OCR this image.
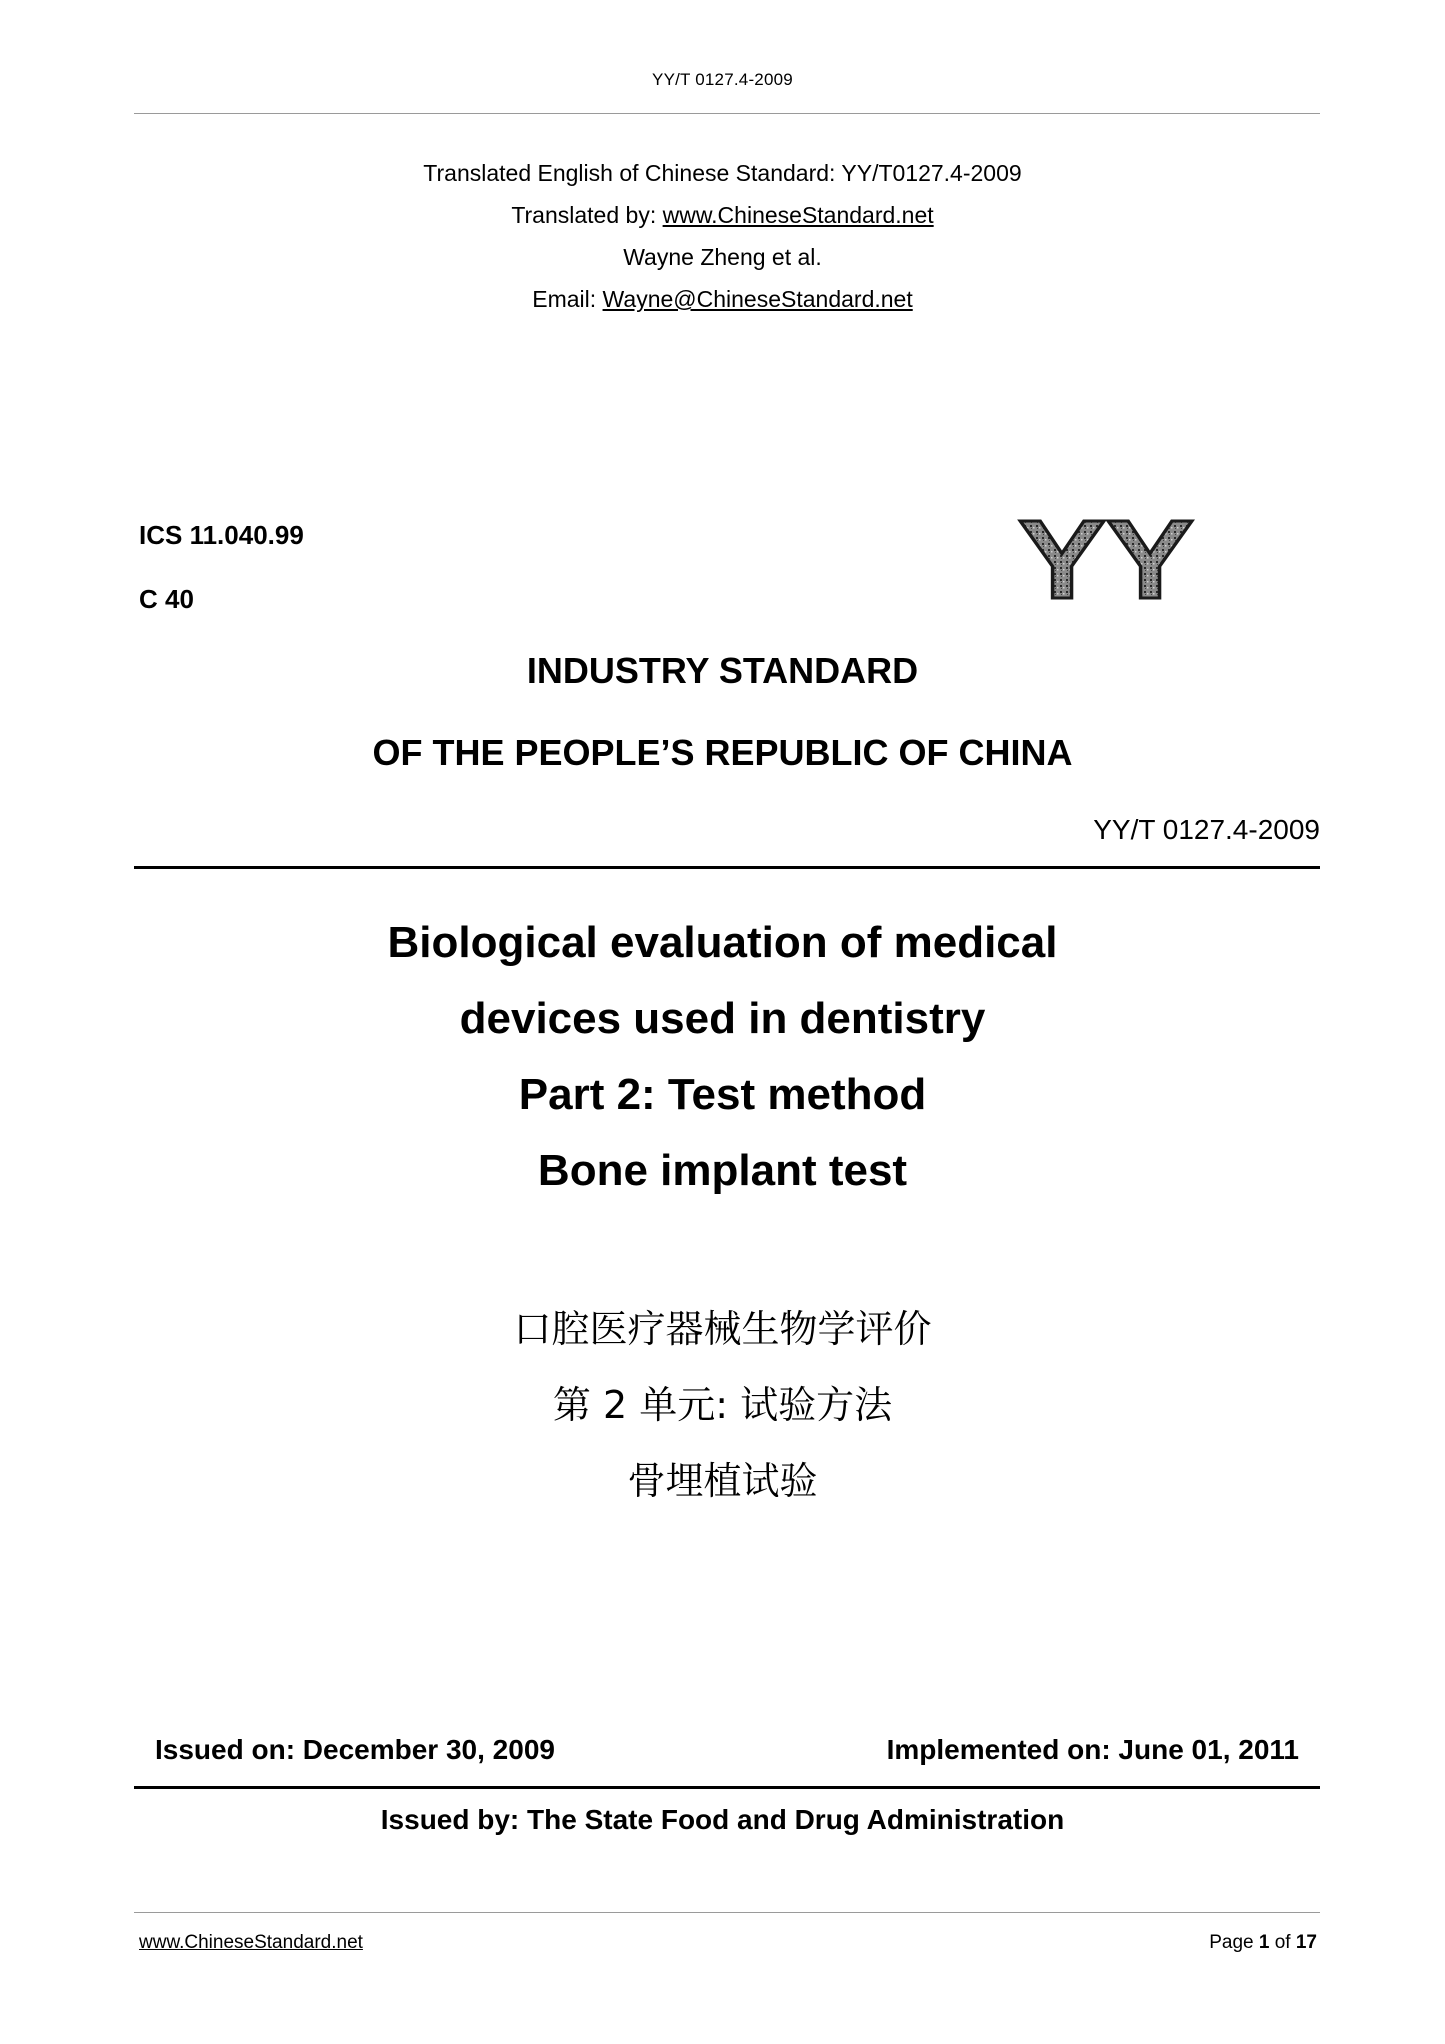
YY/T 0127.4-2009
Translated English of Chinese Standard: YY/T0127.4-2009
Translated by: www.ChineseStandard.net
Wayne Zheng et al.
Email: Wayne@ChineseStandard.net
ICS 11.040.99
C 40	YY
INDUSTRY STANDARD
OF THE PEOPLE’S REPUBLIC OF CHINA
YY/T 0127.4-2009
Biological evaluation of medical
devices used in dentistry
Part 2: Test method
Bone implant test
口腔医疗器械生物学评价
第 2 单元: 试验方法
骨埋植试验
Issued on: December 30, 2009	Implemented on: June 01, 2011
Issued by: The State Food and Drug Administration
www.ChineseStandard.net	Page 1 of 17
